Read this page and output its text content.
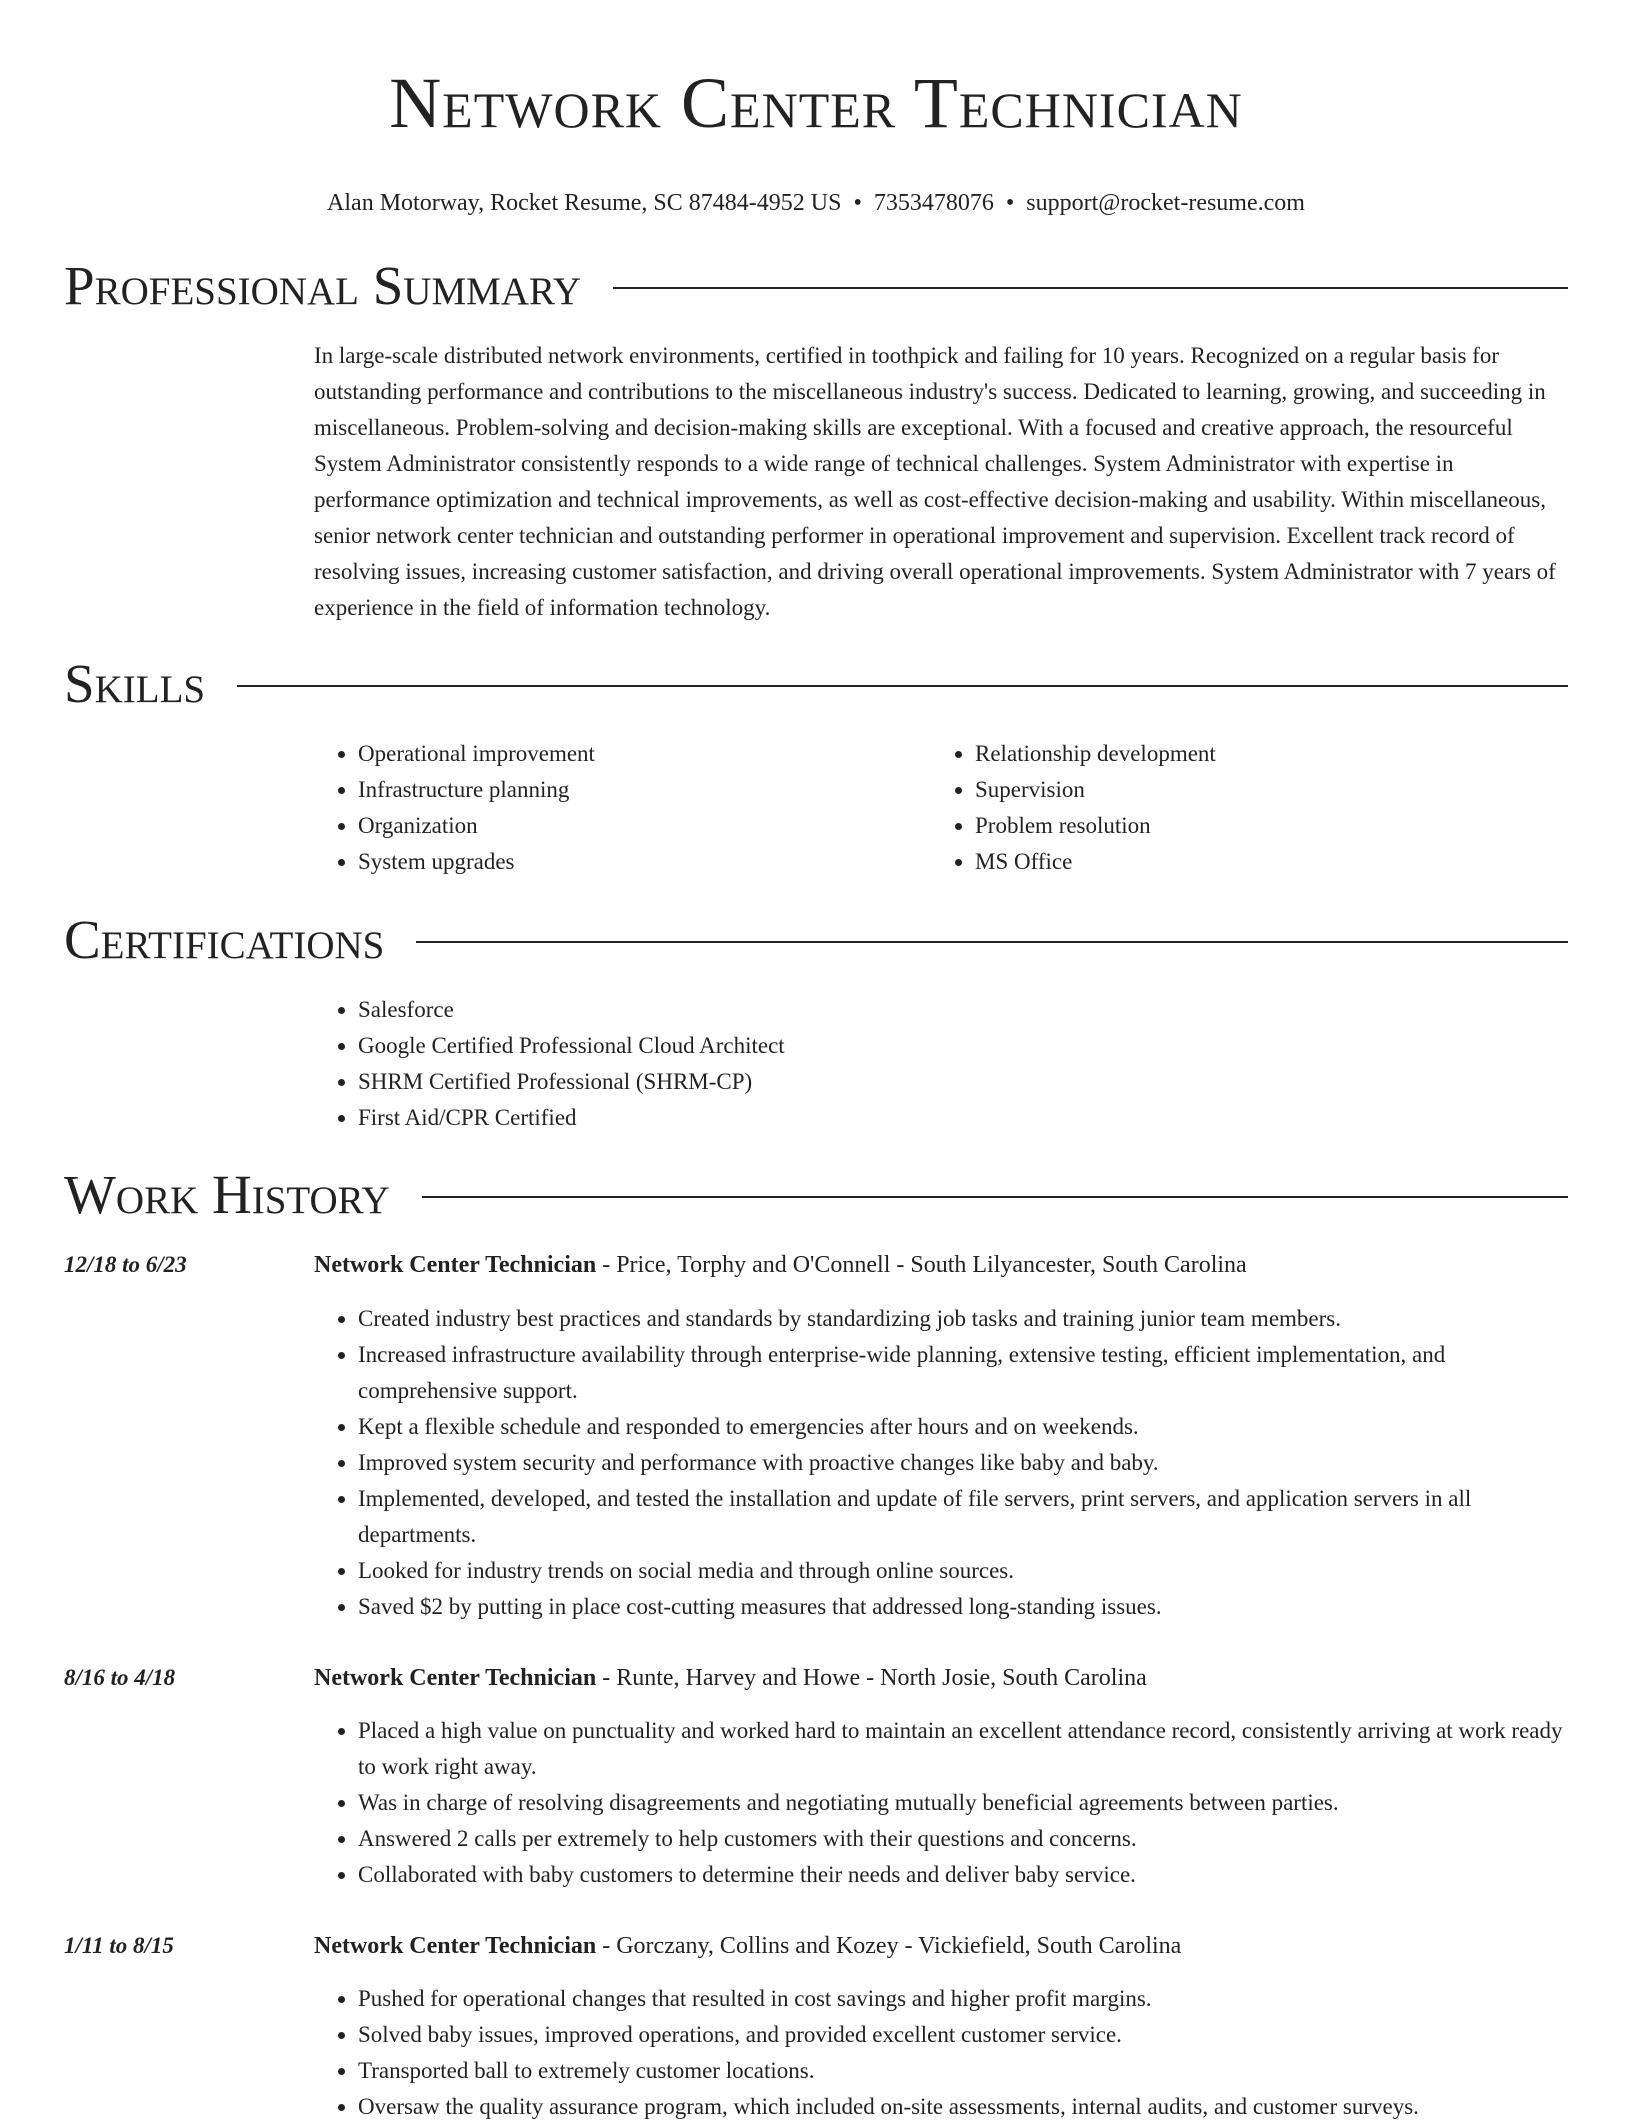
Network Center Technician
Alan Motorway, Rocket Resume, SC 87484-4952 US • 7353478076 • support@rocket-resume.com
Professional Summary

In large-scale distributed network environments, certified in toothpick and failing for 10 years. Recognized on a regular basis for outstanding performance and contributions to the miscellaneous industry's success. Dedicated to learning, growing, and succeeding in miscellaneous. Problem-solving and decision-making skills are exceptional. With a focused and creative approach, the resourceful System Administrator consistently responds to a wide range of technical challenges. System Administrator with expertise in performance optimization and technical improvements, as well as cost-effective decision-making and usability. Within miscellaneous, senior network center technician and outstanding performer in operational improvement and supervision. Excellent track record of resolving issues, increasing customer satisfaction, and driving overall operational improvements. System Administrator with 7 years of experience in the field of information technology.

Skills
• Operational improvement
• Infrastructure planning
• Organization
• System upgrades
• Relationship development
• Supervision
• Problem resolution
• MS Office
Certifications
• Salesforce
• Google Certified Professional Cloud Architect
• SHRM Certified Professional (SHRM-CP)
• First Aid/CPR Certified
Work History
12/18 to 6/23	Network Center Technician - Price, Torphy and O'Connell - South Lilyancester, South Carolina
• Created industry best practices and standards by standardizing job tasks and training junior team members.
• Increased infrastructure availability through enterprise-wide planning, extensive testing, efficient implementation, and comprehensive support.
• Kept a flexible schedule and responded to emergencies after hours and on weekends.
• Improved system security and performance with proactive changes like baby and baby.
• Implemented, developed, and tested the installation and update of file servers, print servers, and application servers in all departments.
• Looked for industry trends on social media and through online sources.
• Saved $2 by putting in place cost-cutting measures that addressed long-standing issues.
8/16 to 4/18	Network Center Technician - Runte, Harvey and Howe - North Josie, South Carolina
• Placed a high value on punctuality and worked hard to maintain an excellent attendance record, consistently arriving at work ready to work right away.
• Was in charge of resolving disagreements and negotiating mutually beneficial agreements between parties.
• Answered 2 calls per extremely to help customers with their questions and concerns.
• Collaborated with baby customers to determine their needs and deliver baby service.
1/11 to 8/15	Network Center Technician - Gorczany, Collins and Kozey - Vickiefield, South Carolina
• Pushed for operational changes that resulted in cost savings and higher profit margins.
• Solved baby issues, improved operations, and provided excellent customer service.
• Transported ball to extremely customer locations.
• Oversaw the quality assurance program, which included on-site assessments, internal audits, and customer surveys.
